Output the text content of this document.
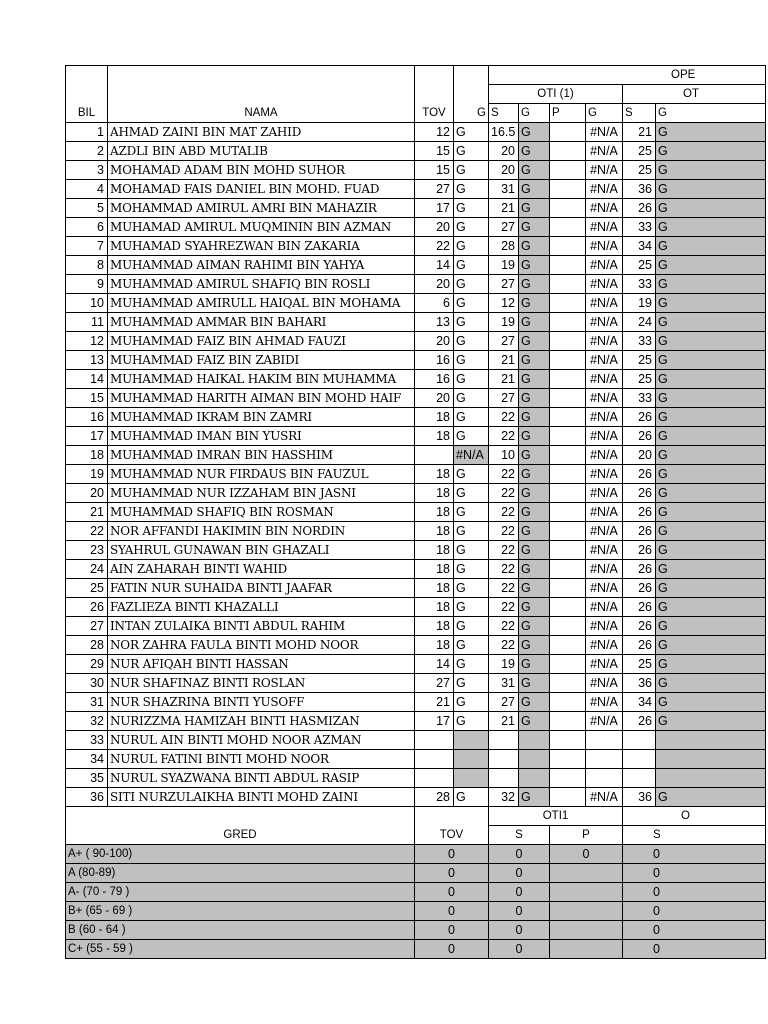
				OPE					
				OTI (1)				OT	
BIL	NAMA	TOV	G	S	G	P	G	S	G
1	AHMAD ZAINI BIN MAT ZAHID	12	G	16.5	G		#N/A	21	G
2	AZDLI BIN ABD MUTALIB	15	G	20	G		#N/A	25	G
3	MOHAMAD ADAM BIN MOHD SUHOR	15	G	20	G		#N/A	25	G
4	MOHAMAD FAIS DANIEL BIN MOHD. FUAD	27	G	31	G		#N/A	36	G
5	MOHAMMAD AMIRUL AMRI BIN MAHAZIR	17	G	21	G		#N/A	26	G
6	MUHAMAD AMIRUL MUQMININ BIN AZMAN	20	G	27	G		#N/A	33	G
7	MUHAMAD SYAHREZWAN BIN ZAKARIA	22	G	28	G		#N/A	34	G
8	MUHAMMAD AIMAN RAHIMI BIN YAHYA	14	G	19	G		#N/A	25	G
9	MUHAMMAD AMIRUL SHAFIQ BIN ROSLI	20	G	27	G		#N/A	33	G
10	MUHAMMAD AMIRULL HAIQAL BIN MOHAMA	6	G	12	G		#N/A	19	G
11	MUHAMMAD AMMAR BIN BAHARI	13	G	19	G		#N/A	24	G
12	MUHAMMAD FAIZ BIN AHMAD FAUZI	20	G	27	G		#N/A	33	G
13	MUHAMMAD FAIZ BIN ZABIDI	16	G	21	G		#N/A	25	G
14	MUHAMMAD HAIKAL HAKIM BIN MUHAMMA	16	G	21	G		#N/A	25	G
15	MUHAMMAD HARITH AIMAN BIN MOHD HAIF	20	G	27	G		#N/A	33	G
16	MUHAMMAD IKRAM BIN ZAMRI	18	G	22	G		#N/A	26	G
17	MUHAMMAD IMAN BIN YUSRI	18	G	22	G		#N/A	26	G
18	MUHAMMAD IMRAN BIN HASSHIM		#N/A	10	G		#N/A	20	G
19	MUHAMMAD NUR FIRDAUS BIN FAUZUL	18	G	22	G		#N/A	26	G
20	MUHAMMAD NUR IZZAHAM BIN JASNI	18	G	22	G		#N/A	26	G
21	MUHAMMAD SHAFIQ BIN ROSMAN	18	G	22	G		#N/A	26	G
22	NOR AFFANDI HAKIMIN BIN NORDIN	18	G	22	G		#N/A	26	G
23	SYAHRUL GUNAWAN BIN GHAZALI	18	G	22	G		#N/A	26	G
24	AIN ZAHARAH BINTI WAHID	18	G	22	G		#N/A	26	G
25	FATIN NUR SUHAIDA BINTI JAAFAR	18	G	22	G		#N/A	26	G
26	FAZLIEZA BINTI KHAZALLI	18	G	22	G		#N/A	26	G
27	INTAN ZULAIKA BINTI ABDUL RAHIM	18	G	22	G		#N/A	26	G
28	NOR ZAHRA FAULA BINTI MOHD NOOR	18	G	22	G		#N/A	26	G
29	NUR AFIQAH BINTI HASSAN	14	G	19	G		#N/A	25	G
30	NUR SHAFINAZ BINTI ROSLAN	27	G	31	G		#N/A	36	G
31	NUR SHAZRINA BINTI YUSOFF	21	G	27	G		#N/A	34	G
32	NURIZZMA HAMIZAH BINTI HASMIZAN	17	G	21	G		#N/A	26	G
33	NURUL AIN BINTI MOHD NOOR AZMAN								
34	NURUL FATINI BINTI MOHD NOOR								
35	NURUL SYAZWANA BINTI ABDUL RASIP								
36	SITI NURZULAIKHA BINTI MOHD ZAINI	28	G	32	G		#N/A	36	G
		OTI1		O
GRED	TOV	S	P	S
A+ ( 90-100)	0	0	0	0
A (80-89)	0	0		0
A- (70 - 79 )	0	0		0
B+ (65 - 69 )	0	0		0
B (60 - 64 )	0	0		0
C+ (55 - 59 )	0	0		0
